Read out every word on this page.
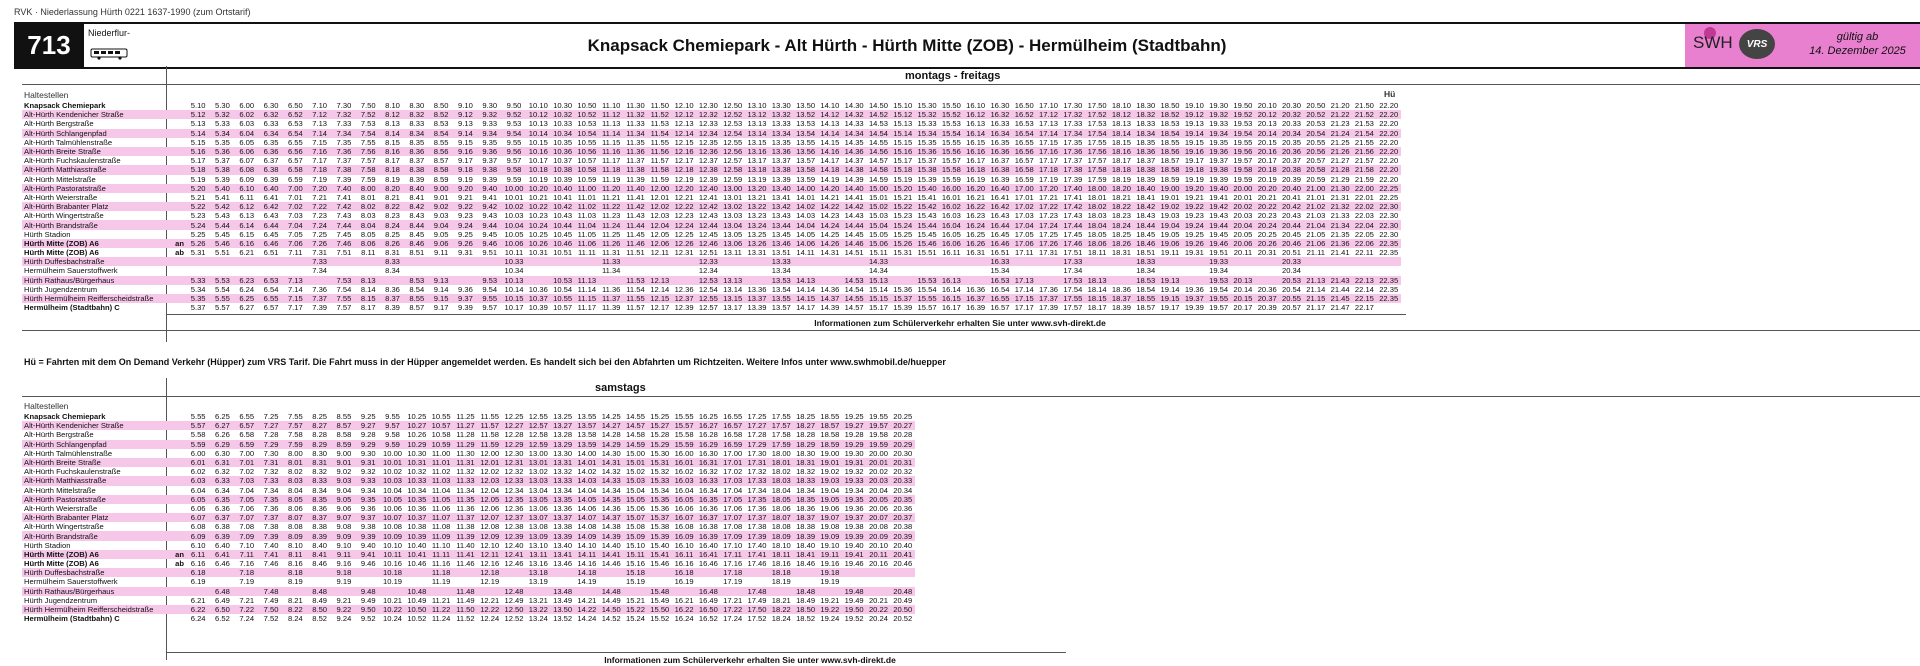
RVK · Niederlassung Hürth 0221 1637-1990 (zum Ortstarif)
713	Niederflur-
Knapsack Chemiepark - Alt Hürth - Hürth Mitte (ZOB) - Hermülheim (Stadtbahn)	SWH	VRS
gültig ab
14. Dezember 2025
montags - freitags
Haltestellen	Hü
Knapsack Chemiepark		5.10	5.30	6.00	6.30	6.50	7.10	7.30	7.50	8.10	8.30	8.50	9.10	9.30	9.50	10.10	10.30	10.50	11.10	11.30	11.50	12.10	12.30	12.50	13.10	13.30	13.50	14.10	14.30	14.50	15.10	15.30	15.50	16.10	16.30	16.50	17.10	17.30	17.50	18.10	18.30	18.50	19.10	19.30	19.50	20.10	20.30	20.50	21.20	21.50	22.20
Alt-Hürth Kendenicher Straße		5.12	5.32	6.02	6.32	6.52	7.12	7.32	7.52	8.12	8.32	8.52	9.12	9.32	9.52	10.12	10.32	10.52	11.12	11.32	11.52	12.12	12.32	12.52	13.12	13.32	13.52	14.12	14.32	14.52	15.12	15.32	15.52	16.12	16.32	16.52	17.12	17.32	17.52	18.12	18.32	18.52	19.12	19.32	19.52	20.12	20.32	20.52	21.22	21.52	22.20
Alt-Hürth Bergstraße		5.13	5.33	6.03	6.33	6.53	7.13	7.33	7.53	8.13	8.33	8.53	9.13	9.33	9.53	10.13	10.33	10.53	11.13	11.33	11.53	12.13	12.33	12.53	13.13	13.33	13.53	14.13	14.33	14.53	15.13	15.33	15.53	16.13	16.33	16.53	17.13	17.33	17.53	18.13	18.33	18.53	19.13	19.33	19.53	20.13	20.33	20.53	21.23	21.53	22.20
Alt-Hürth Schlangenpfad		5.14	5.34	6.04	6.34	6.54	7.14	7.34	7.54	8.14	8.34	8.54	9.14	9.34	9.54	10.14	10.34	10.54	11.14	11.34	11.54	12.14	12.34	12.54	13.14	13.34	13.54	14.14	14.34	14.54	15.14	15.34	15.54	16.14	16.34	16.54	17.14	17.34	17.54	18.14	18.34	18.54	19.14	19.34	19.54	20.14	20.34	20.54	21.24	21.54	22.20
Alt-Hürth Talmühlenstraße		5.15	5.35	6.05	6.35	6.55	7.15	7.35	7.55	8.15	8.35	8.55	9.15	9.35	9.55	10.15	10.35	10.55	11.15	11.35	11.55	12.15	12.35	12.55	13.15	13.35	13.55	14.15	14.35	14.55	15.15	15.35	15.55	16.15	16.35	16.55	17.15	17.35	17.55	18.15	18.35	18.55	19.15	19.35	19.55	20.15	20.35	20.55	21.25	21.55	22.20
Alt-Hürth Breite Straße		5.16	5.36	6.06	6.36	6.56	7.16	7.36	7.56	8.16	8.36	8.56	9.16	9.36	9.56	10.16	10.36	10.56	11.16	11.36	11.56	12.16	12.36	12.56	13.16	13.36	13.56	14.16	14.36	14.56	15.16	15.36	15.56	16.16	16.36	16.56	17.16	17.36	17.56	18.16	18.36	18.56	19.16	19.36	19.56	20.16	20.36	20.56	21.26	21.56	22.20
Alt-Hürth Fuchskaulenstraße		5.17	5.37	6.07	6.37	6.57	7.17	7.37	7.57	8.17	8.37	8.57	9.17	9.37	9.57	10.17	10.37	10.57	11.17	11.37	11.57	12.17	12.37	12.57	13.17	13.37	13.57	14.17	14.37	14.57	15.17	15.37	15.57	16.17	16.37	16.57	17.17	17.37	17.57	18.17	18.37	18.57	19.17	19.37	19.57	20.17	20.37	20.57	21.27	21.57	22.20
Alt-Hürth Matthiasstraße		5.18	5.38	6.08	6.38	6.58	7.18	7.38	7.58	8.18	8.38	8.58	9.18	9.38	9.58	10.18	10.38	10.58	11.18	11.38	11.58	12.18	12.38	12.58	13.18	13.38	13.58	14.18	14.38	14.58	15.18	15.38	15.58	16.18	16.38	16.58	17.18	17.38	17.58	18.18	18.38	18.58	19.18	19.38	19.58	20.18	20.38	20.58	21.28	21.58	22.20
Alt-Hürth Mittelstraße		5.19	5.39	6.09	6.39	6.59	7.19	7.39	7.59	8.19	8.39	8.59	9.19	9.39	9.59	10.19	10.39	10.59	11.19	11.39	11.59	12.19	12.39	12.59	13.19	13.39	13.59	14.19	14.39	14.59	15.19	15.39	15.59	16.19	16.39	16.59	17.19	17.39	17.59	18.19	18.39	18.59	19.19	19.39	19.59	20.19	20.39	20.59	21.29	21.59	22.20
Alt-Hürth Pastoratstraße		5.20	5.40	6.10	6.40	7.00	7.20	7.40	8.00	8.20	8.40	9.00	9.20	9.40	10.00	10.20	10.40	11.00	11.20	11.40	12.00	12.20	12.40	13.00	13.20	13.40	14.00	14.20	14.40	15.00	15.20	15.40	16.00	16.20	16.40	17.00	17.20	17.40	18.00	18.20	18.40	19.00	19.20	19.40	20.00	20.20	20.40	21.00	21.30	22.00	22.25
Alt-Hürth Weierstraße		5.21	5.41	6.11	6.41	7.01	7.21	7.41	8.01	8.21	8.41	9.01	9.21	9.41	10.01	10.21	10.41	11.01	11.21	11.41	12.01	12.21	12.41	13.01	13.21	13.41	14.01	14.21	14.41	15.01	15.21	15.41	16.01	16.21	16.41	17.01	17.21	17.41	18.01	18.21	18.41	19.01	19.21	19.41	20.01	20.21	20.41	21.01	21.31	22.01	22.25
Alt-Hürth Brabanter Platz		5.22	5.42	6.12	6.42	7.02	7.22	7.42	8.02	8.22	8.42	9.02	9.22	9.42	10.02	10.22	10.42	11.02	11.22	11.42	12.02	12.22	12.42	13.02	13.22	13.42	14.02	14.22	14.42	15.02	15.22	15.42	16.02	16.22	16.42	17.02	17.22	17.42	18.02	18.22	18.42	19.02	19.22	19.42	20.02	20.22	20.42	21.02	21.32	22.02	22.30
Alt-Hürth Wingertstraße		5.23	5.43	6.13	6.43	7.03	7.23	7.43	8.03	8.23	8.43	9.03	9.23	9.43	10.03	10.23	10.43	11.03	11.23	11.43	12.03	12.23	12.43	13.03	13.23	13.43	14.03	14.23	14.43	15.03	15.23	15.43	16.03	16.23	16.43	17.03	17.23	17.43	18.03	18.23	18.43	19.03	19.23	19.43	20.03	20.23	20.43	21.03	21.33	22.03	22.30
Alt-Hürth Brandstraße		5.24	5.44	6.14	6.44	7.04	7.24	7.44	8.04	8.24	8.44	9.04	9.24	9.44	10.04	10.24	10.44	11.04	11.24	11.44	12.04	12.24	12.44	13.04	13.24	13.44	14.04	14.24	14.44	15.04	15.24	15.44	16.04	16.24	16.44	17.04	17.24	17.44	18.04	18.24	18.44	19.04	19.24	19.44	20.04	20.24	20.44	21.04	21.34	22.04	22.30
Hürth Stadion		5.25	5.45	6.15	6.45	7.05	7.25	7.45	8.05	8.25	8.45	9.05	9.25	9.45	10.05	10.25	10.45	11.05	11.25	11.45	12.05	12.25	12.45	13.05	13.25	13.45	14.05	14.25	14.45	15.05	15.25	15.45	16.05	16.25	16.45	17.05	17.25	17.45	18.05	18.25	18.45	19.05	19.25	19.45	20.05	20.25	20.45	21.05	21.35	22.05	22.30
Hürth Mitte (ZOB) A6	an	5.26	5.46	6.16	6.46	7.06	7.26	7.46	8.06	8.26	8.46	9.06	9.26	9.46	10.06	10.26	10.46	11.06	11.26	11.46	12.06	12.26	12.46	13.06	13.26	13.46	14.06	14.26	14.46	15.06	15.26	15.46	16.06	16.26	16.46	17.06	17.26	17.46	18.06	18.26	18.46	19.06	19.26	19.46	20.06	20.26	20.46	21.06	21.36	22.06	22.35
Hürth Mitte (ZOB) A6	ab	5.31	5.51	6.21	6.51	7.11	7.31	7.51	8.11	8.31	8.51	9.11	9.31	9.51	10.11	10.31	10.51	11.11	11.31	11.51	12.11	12.31	12.51	13.11	13.31	13.51	14.11	14.31	14.51	15.11	15.31	15.51	16.11	16.31	16.51	17.11	17.31	17.51	18.11	18.31	18.51	19.11	19.31	19.51	20.11	20.31	20.51	21.11	21.41	22.11	22.35
Hürth Duffesbachstraße							7.33			8.33					10.33				11.33				12.33			13.33				14.33					16.33			17.33			18.33			19.33			20.33				
Hermülheim Sauerstoffwerk							7.34			8.34					10.34				11.34				12.34			13.34				14.34					15.34			17.34			18.34			19.34			20.34				
Hürth Rathaus/Bürgerhaus		5.33	5.53	6.23	6.53	7.13		7.53	8.13		8.53	9.13		9.53	10.13		10.53	11.13		11.53	12.13		12.53	13.13		13.53	14.13		14.53	15.13		15.53	16.13		16.53	17.13		17.53	18.13		18.53	19.13		19.53	20.13		20.53	21.13	21.43	22.13	22.35
Hürth Jugendzentrum		5.34	5.54	6.24	6.54	7.14	7.36	7.54	8.14	8.36	8.54	9.14	9.36	9.54	10.14	10.36	10.54	11.14	11.36	11.54	12.14	12.36	12.54	13.14	13.36	13.54	14.14	14.36	14.54	15.14	15.36	15.54	16.14	16.36	16.54	17.14	17.36	17.54	18.14	18.36	18.54	19.14	19.36	19.54	20.14	20.36	20.54	21.14	21.44	22.14	22.35
Hürth Hermülheim Reifferscheidstraße		5.35	5.55	6.25	6.55	7.15	7.37	7.55	8.15	8.37	8.55	9.15	9.37	9.55	10.15	10.37	10.55	11.15	11.37	11.55	12.15	12.37	12.55	13.15	13.37	13.55	14.15	14.37	14.55	15.15	15.37	15.55	16.15	16.37	16.55	17.15	17.37	17.55	18.15	18.37	18.55	19.15	19.37	19.55	20.15	20.37	20.55	21.15	21.45	22.15	22.35
Hermülheim (Stadtbahn) C		5.37	5.57	6.27	6.57	7.17	7.39	7.57	8.17	8.39	8.57	9.17	9.39	9.57	10.17	10.39	10.57	11.17	11.39	11.57	12.17	12.39	12.57	13.17	13.39	13.57	14.17	14.39	14.57	15.17	15.39	15.57	16.17	16.39	16.57	17.17	17.39	17.57	18.17	18.39	18.57	19.17	19.39	19.57	20.17	20.39	20.57	21.17	21.47	22.17	
Informationen zum Schülerverkehr erhalten Sie unter www.svh-direkt.de
Hü = Fahrten mit dem On Demand Verkehr (Hüpper) zum VRS Tarif. Die Fahrt muss in der Hüpper angemeldet werden. Es handelt sich bei den Abfahrten um Richtzeiten. Weitere Infos unter www.swhmobil.de/huepper
samstags
Haltestellen
Knapsack Chemiepark		5.55	6.25	6.55	7.25	7.55	8.25	8.55	9.25	9.55	10.25	10.55	11.25	11.55	12.25	12.55	13.25	13.55	14.25	14.55	15.25	15.55	16.25	16.55	17.25	17.55	18.25	18.55	19.25	19.55	20.25
Alt-Hürth Kendenicher Straße		5.57	6.27	6.57	7.27	7.57	8.27	8.57	9.27	9.57	10.27	10.57	11.27	11.57	12.27	12.57	13.27	13.57	14.27	14.57	15.27	15.57	16.27	16.57	17.27	17.57	18.27	18.57	19.27	19.57	20.27
Alt-Hürth Bergstraße		5.58	6.26	6.58	7.28	7.58	8.28	8.58	9.28	9.58	10.26	10.58	11.28	11.58	12.28	12.58	13.28	13.58	14.28	14.58	15.28	15.58	16.28	16.58	17.28	17.58	18.28	18.58	19.28	19.58	20.28
Alt-Hürth Schlangenpfad		5.59	6.29	6.59	7.29	7.59	8.29	8.59	9.29	9.59	10.29	10.59	11.29	11.59	12.29	12.59	13.29	13.59	14.29	14.59	15.29	15.59	16.29	16.59	17.29	17.59	18.29	18.59	19.29	19.59	20.29
Alt-Hürth Talmühlenstraße		6.00	6.30	7.00	7.30	8.00	8.30	9.00	9.30	10.00	10.30	11.00	11.30	12.00	12.30	13.00	13.30	14.00	14.30	15.00	15.30	16.00	16.30	17.00	17.30	18.00	18.30	19.00	19.30	20.00	20.30
Alt-Hürth Breite Straße		6.01	6.31	7.01	7.31	8.01	8.31	9.01	9.31	10.01	10.31	11.01	11.31	12.01	12.31	13.01	13.31	14.01	14.31	15.01	15.31	16.01	16.31	17.01	17.31	18.01	18.31	19.01	19.31	20.01	20.31
Alt-Hürth Fuchskaulenstraße		6.02	6.32	7.02	7.32	8.02	8.32	9.02	9.32	10.02	10.32	11.02	11.32	12.02	12.32	13.02	13.32	14.02	14.32	15.02	15.32	16.02	16.32	17.02	17.32	18.02	18.32	19.02	19.32	20.02	20.32
Alt-Hürth Matthiasstraße		6.03	6.33	7.03	7.33	8.03	8.33	9.03	9.33	10.03	10.33	11.03	11.33	12.03	12.33	13.03	13.33	14.03	14.33	15.03	15.33	16.03	16.33	17.03	17.33	18.03	18.33	19.03	19.33	20.03	20.33
Alt-Hürth Mittelstraße		6.04	6.34	7.04	7.34	8.04	8.34	9.04	9.34	10.04	10.34	11.04	11.34	12.04	12.34	13.04	13.34	14.04	14.34	15.04	15.34	16.04	16.34	17.04	17.34	18.04	18.34	19.04	19.34	20.04	20.34
Alt-Hürth Pastoratstraße		6.05	6.35	7.05	7.35	8.05	8.35	9.05	9.35	10.05	10.35	11.05	11.35	12.05	12.35	13.05	13.35	14.05	14.35	15.05	15.35	16.05	16.35	17.05	17.35	18.05	18.35	19.05	19.35	20.05	20.35
Alt-Hürth Weierstraße		6.06	6.36	7.06	7.36	8.06	8.36	9.06	9.36	10.06	10.36	11.06	11.36	12.06	12.36	13.06	13.36	14.06	14.36	15.06	15.36	16.06	16.36	17.06	17.36	18.06	18.36	19.06	19.36	20.06	20.36
Alt-Hürth Brabanter Platz		6.07	6.37	7.07	7.37	8.07	8.37	9.07	9.37	10.07	10.37	11.07	11.37	12.07	12.37	13.07	13.37	14.07	14.37	15.07	15.37	16.07	16.37	17.07	17.37	18.07	18.37	19.07	19.37	20.07	20.37
Alt-Hürth Wingertstraße		6.08	6.38	7.08	7.38	8.08	8.38	9.08	9.38	10.08	10.38	11.08	11.38	12.08	12.38	13.08	13.38	14.08	14.38	15.08	15.38	16.08	16.38	17.08	17.38	18.08	18.38	19.08	19.38	20.08	20.38
Alt-Hürth Brandstraße		6.09	6.39	7.09	7.39	8.09	8.39	9.09	9.39	10.09	10.39	11.09	11.39	12.09	12.39	13.09	13.39	14.09	14.39	15.09	15.39	16.09	16.39	17.09	17.39	18.09	18.39	19.09	19.39	20.09	20.39
Hürth Stadion		6.10	6.40	7.10	7.40	8.10	8.40	9.10	9.40	10.10	10.40	11.10	11.40	12.10	12.40	13.10	13.40	14.10	14.40	15.10	15.40	16.10	16.40	17.10	17.40	18.10	18.40	19.10	19.40	20.10	20.40
Hürth Mitte (ZOB) A6	an	6.11	6.41	7.11	7.41	8.11	8.41	9.11	9.41	10.11	10.41	11.11	11.41	12.11	12.41	13.11	13.41	14.11	14.41	15.11	15.41	16.11	16.41	17.11	17.41	18.11	18.41	19.11	19.41	20.11	20.41
Hürth Mitte (ZOB) A6	ab	6.16	6.46	7.16	7.46	8.16	8.46	9.16	9.46	10.16	10.46	11.16	11.46	12.16	12.46	13.16	13.46	14.16	14.46	15.16	15.46	16.16	16.46	17.16	17.46	18.16	18.46	19.16	19.46	20.16	20.46
Hürth Duffesbachstraße		6.18		7.18		8.18		9.18		10.18		11.18		12.18		13.18		14.18		15.18		16.18		17.18		18.18		19.18			
Hermülheim Sauerstoffwerk		6.19		7.19		8.19		9.19		10.19		11.19		12.19		13.19		14.19		15.19		16.19		17.19		18.19		19.19			
Hürth Rathaus/Bürgerhaus			6.48		7.48		8.48		9.48		10.48		11.48		12.48		13.48		14.48		15.48		16.48		17.48		18.48		19.48		20.48
Hürth Jugendzentrum		6.21	6.49	7.21	7.49	8.21	8.49	9.21	9.49	10.21	10.49	11.21	11.49	12.21	12.49	13.21	13.49	14.21	14.49	15.21	15.49	16.21	16.49	17.21	17.49	18.21	18.49	19.21	19.49	20.21	20.49
Hürth Hermülheim Reifferscheidstraße		6.22	6.50	7.22	7.50	8.22	8.50	9.22	9.50	10.22	10.50	11.22	11.50	12.22	12.50	13.22	13.50	14.22	14.50	15.22	15.50	16.22	16.50	17.22	17.50	18.22	18.50	19.22	19.50	20.22	20.50
Hermülheim (Stadtbahn) C		6.24	6.52	7.24	7.52	8.24	8.52	9.24	9.52	10.24	10.52	11.24	11.52	12.24	12.52	13.24	13.52	14.24	14.52	15.24	15.52	16.24	16.52	17.24	17.52	18.24	18.52	19.24	19.52	20.24	20.52
Informationen zum Schülerverkehr erhalten Sie unter www.svh-direkt.de
